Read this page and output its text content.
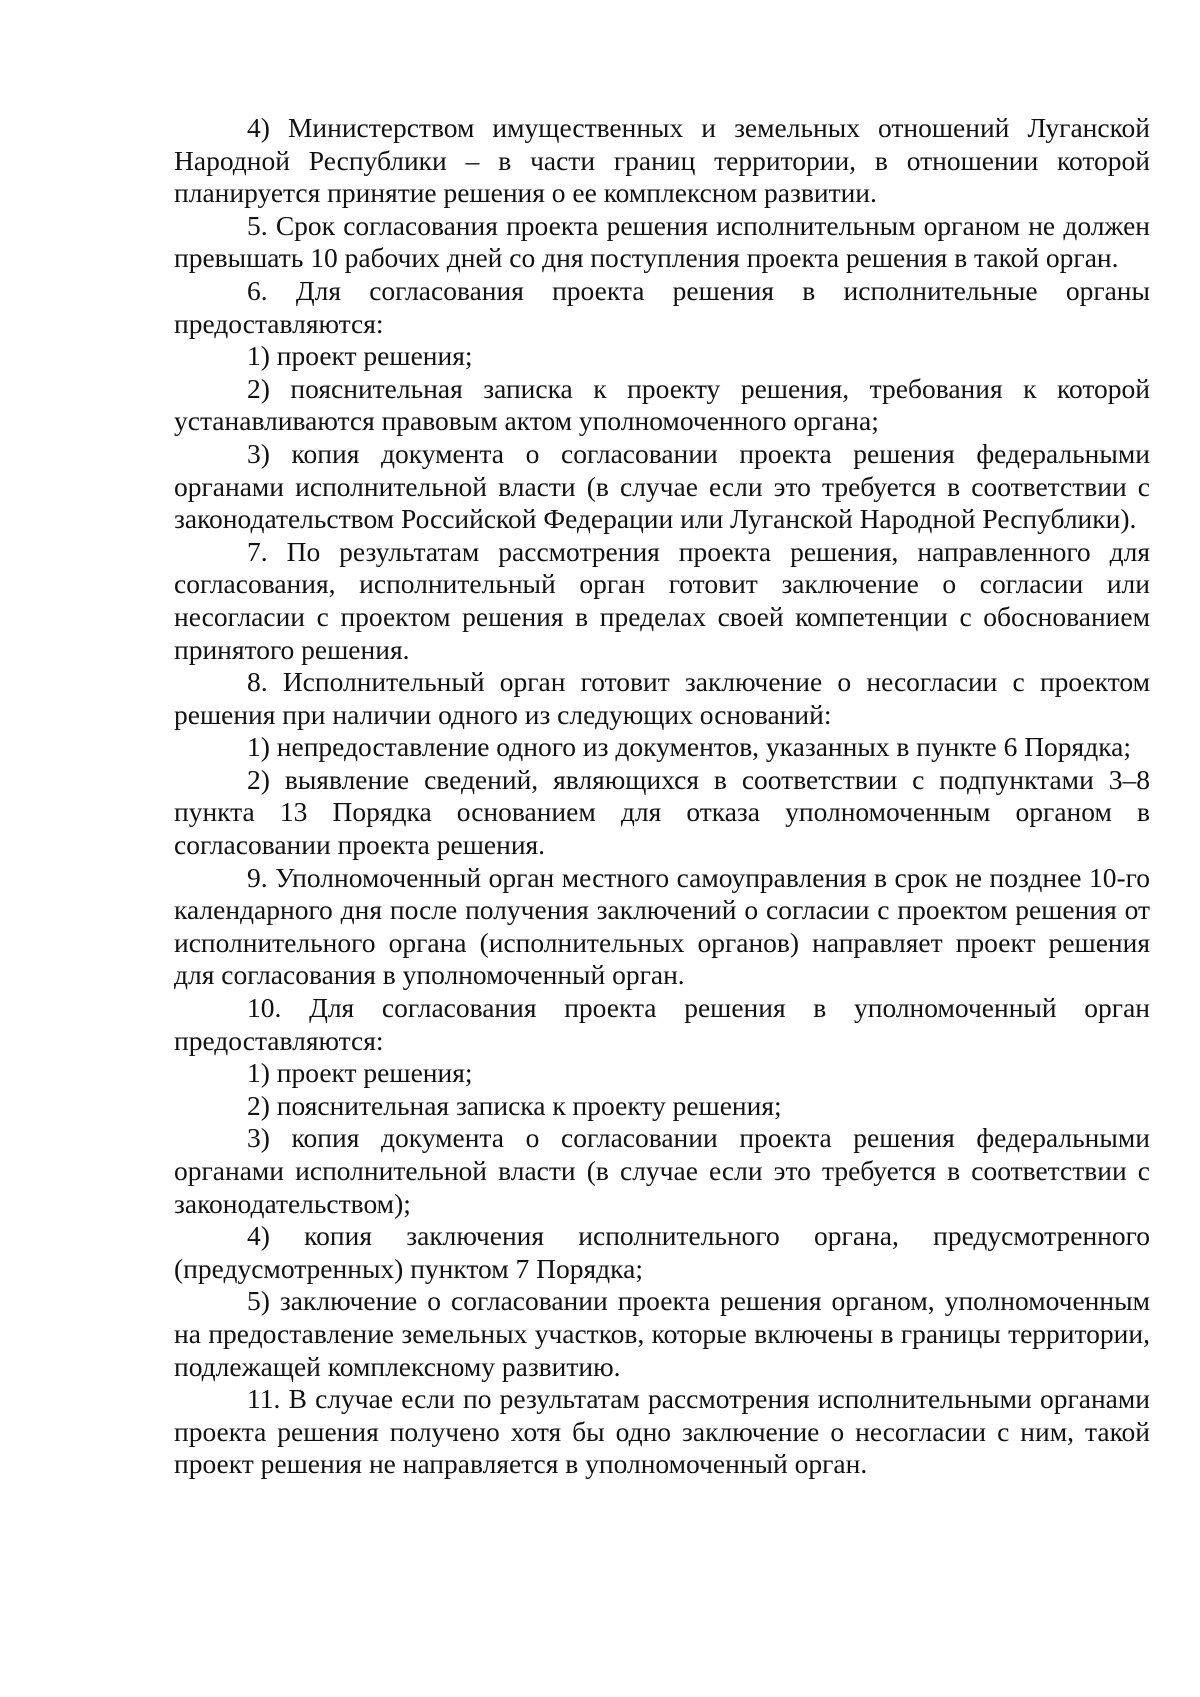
4) Министерством имущественных и земельных отношений Луганской Народной Республики – в части границ территории, в отношении которой планируется принятие решения о ее комплексном развитии.

5. Срок согласования проекта решения исполнительным органом не должен превышать 10 рабочих дней со дня поступления проекта решения в такой орган.

6. Для согласования проекта решения в исполнительные органы предоставляются:

1) проект решения;

2) пояснительная записка к проекту решения, требования к которой устанавливаются правовым актом уполномоченного органа;

3) копия документа о согласовании проекта решения федеральными органами исполнительной власти (в случае если это требуется в соответствии с законодательством Российской Федерации или Луганской Народной Республики).

7. По результатам рассмотрения проекта решения, направленного для согласования, исполнительный орган готовит заключение о согласии или несогласии с проектом решения в пределах своей компетенции с обоснованием принятого решения.

8. Исполнительный орган готовит заключение о несогласии с проектом решения при наличии одного из следующих оснований:

1) непредоставление одного из документов, указанных в пункте 6 Порядка;

2) выявление сведений, являющихся в соответствии с подпунктами 3–8 пункта 13 Порядка основанием для отказа уполномоченным органом в согласовании проекта решения.

9. Уполномоченный орган местного самоуправления в срок не позднее 10-го календарного дня после получения заключений о согласии с проектом решения от исполнительного органа (исполнительных органов) направляет проект решения для согласования в уполномоченный орган.

10. Для согласования проекта решения в уполномоченный орган предоставляются:

1) проект решения;

2) пояснительная записка к проекту решения;

3) копия документа о согласовании проекта решения федеральными органами исполнительной власти (в случае если это требуется в соответствии с законодательством);

4) копия заключения исполнительного органа, предусмотренного (предусмотренных) пунктом 7 Порядка;

5) заключение о согласовании проекта решения органом, уполномоченным на предоставление земельных участков, которые включены в границы территории, подлежащей комплексному развитию.

11. В случае если по результатам рассмотрения исполнительными органами проекта решения получено хотя бы одно заключение о несогласии с ним, такой проект решения не направляется в уполномоченный орган.
